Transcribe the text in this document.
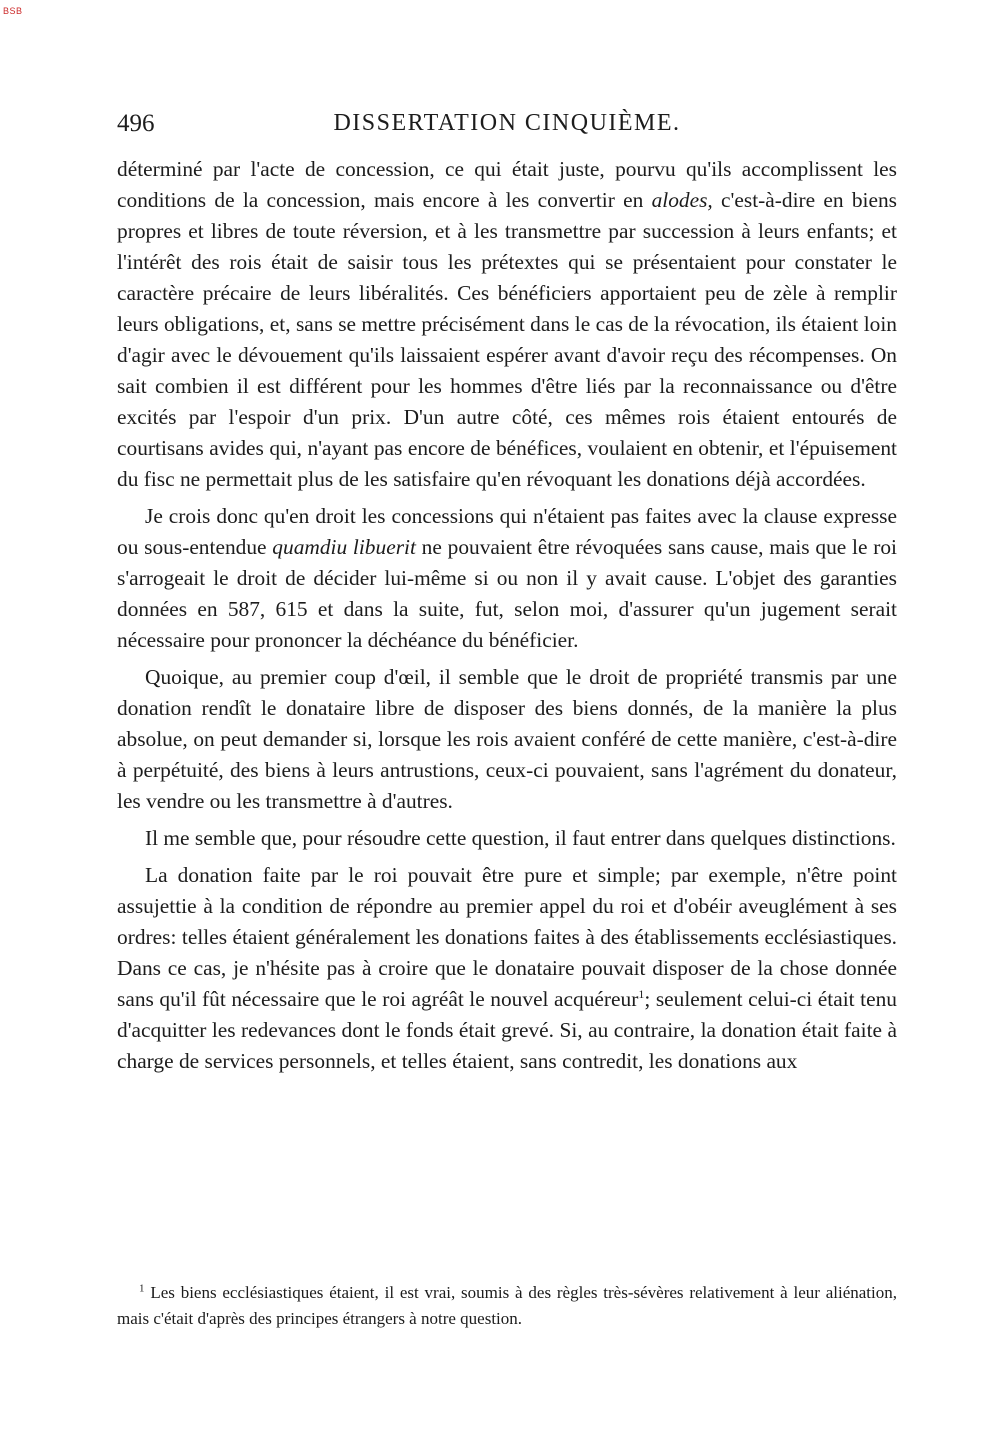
BSB
496	DISSERTATION CINQUIÈME.

déterminé par l'acte de concession, ce qui était juste, pourvu qu'ils accomplissent les conditions de la concession, mais encore à les convertir en alodes, c'est-à-dire en biens propres et libres de toute réversion, et à les transmettre par succession à leurs enfants; et l'intérêt des rois était de saisir tous les prétextes qui se présentaient pour constater le caractère précaire de leurs libéralités. Ces bénéficiers apportaient peu de zèle à remplir leurs obligations, et, sans se mettre précisément dans le cas de la révocation, ils étaient loin d'agir avec le dévouement qu'ils laissaient espérer avant d'avoir reçu des récompenses. On sait combien il est différent pour les hommes d'être liés par la reconnaissance ou d'être excités par l'espoir d'un prix. D'un autre côté, ces mêmes rois étaient entourés de courtisans avides qui, n'ayant pas encore de bénéfices, voulaient en obtenir, et l'épuisement du fisc ne permettait plus de les satisfaire qu'en révoquant les donations déjà accordées.

Je crois donc qu'en droit les concessions qui n'étaient pas faites avec la clause expresse ou sous-entendue quamdiu libuerit ne pouvaient être révoquées sans cause, mais que le roi s'arrogeait le droit de décider lui-même si ou non il y avait cause. L'objet des garanties données en 587, 615 et dans la suite, fut, selon moi, d'assurer qu'un jugement serait nécessaire pour prononcer la déchéance du bénéficier.

Quoique, au premier coup d'œil, il semble que le droit de propriété transmis par une donation rendît le donataire libre de disposer des biens donnés, de la manière la plus absolue, on peut demander si, lorsque les rois avaient conféré de cette manière, c'est-à-dire à perpétuité, des biens à leurs antrustions, ceux-ci pouvaient, sans l'agrément du donateur, les vendre ou les transmettre à d'autres.

Il me semble que, pour résoudre cette question, il faut entrer dans quelques distinctions.

La donation faite par le roi pouvait être pure et simple; par exemple, n'être point assujettie à la condition de répondre au premier appel du roi et d'obéir aveuglément à ses ordres: telles étaient généralement les donations faites à des établissements ecclésiastiques. Dans ce cas, je n'hésite pas à croire que le donataire pouvait disposer de la chose donnée sans qu'il fût nécessaire que le roi agréât le nouvel acquéreur$^1$; seulement celui-ci était tenu d'acquitter les redevances dont le fonds était grevé. Si, au contraire, la donation était faite à charge de services personnels, et telles étaient, sans contredit, les donations aux

$^1$ Les biens ecclésiastiques étaient, il est vrai, soumis à des règles très-sévères relativement à leur aliénation, mais c'était d'après des principes étrangers à notre question.
